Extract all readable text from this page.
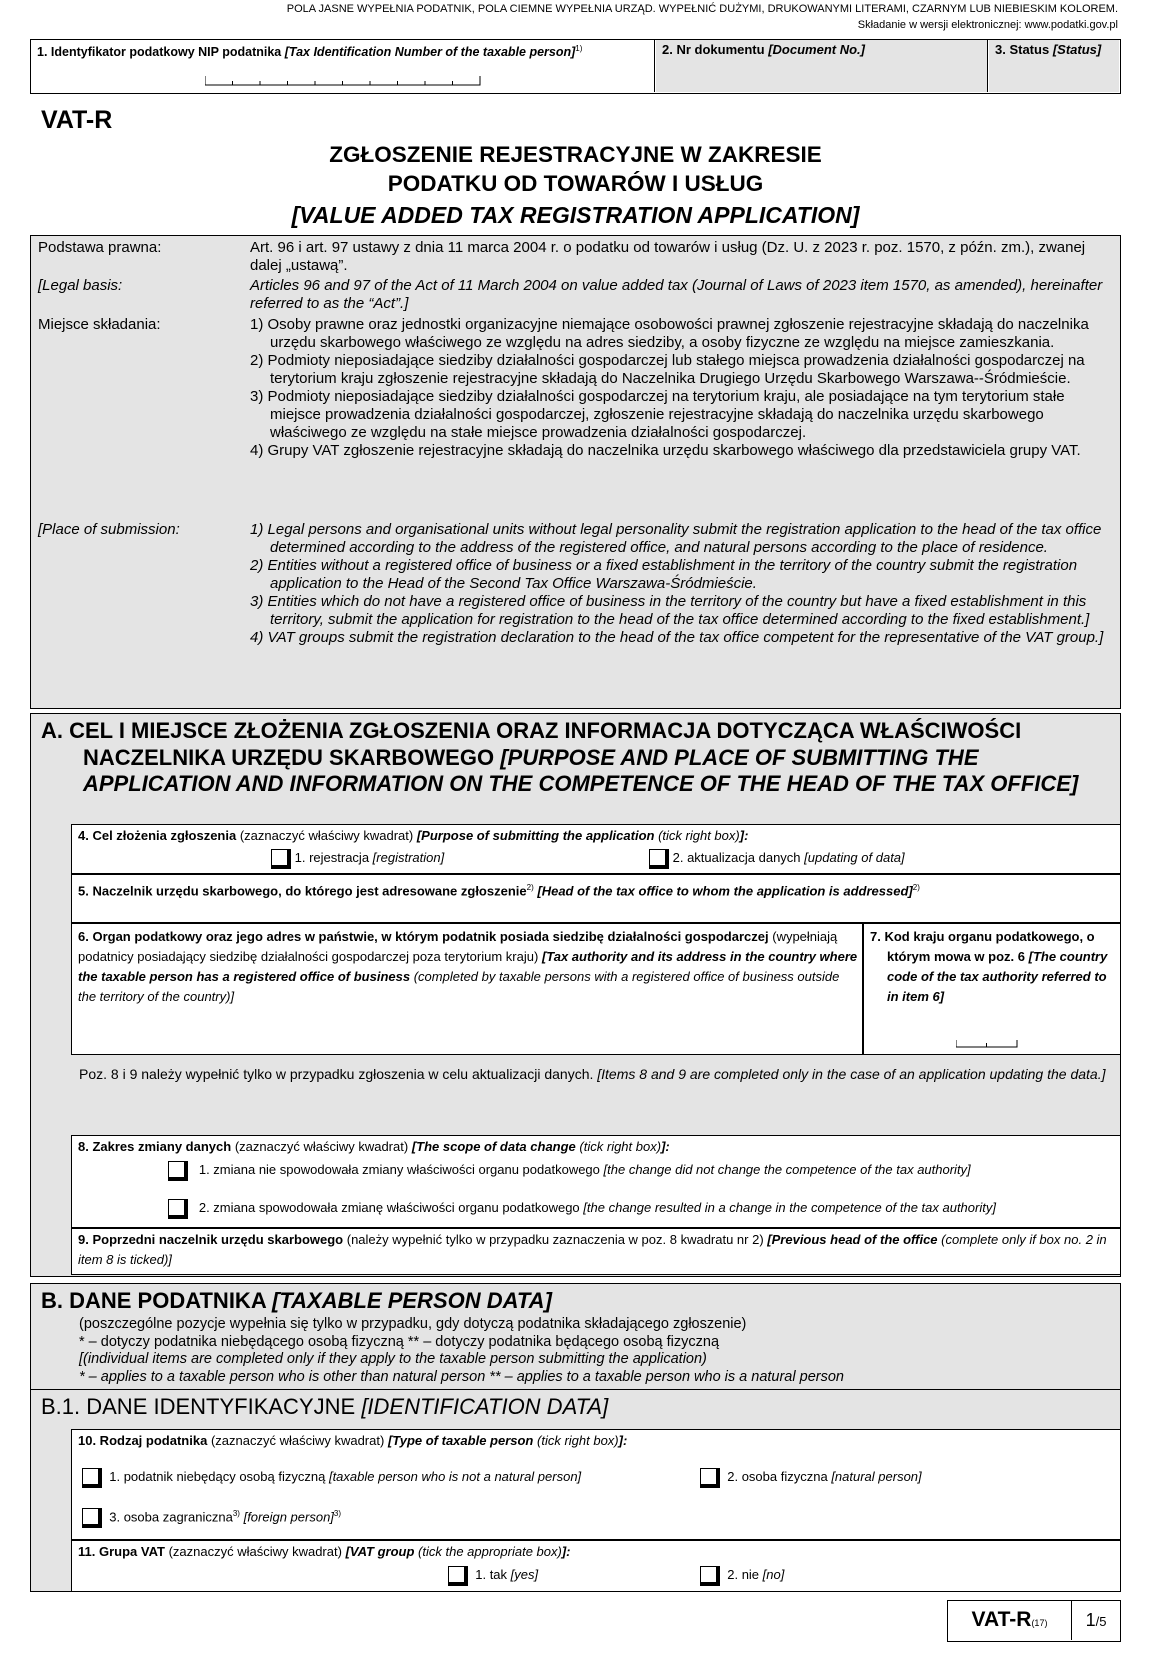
POLA JASNE WYPEŁNIA PODATNIK, POLA CIEMNE WYPEŁNIA URZĄD. WYPEŁNIĆ DUŻYMI, DRUKOWANYMI LITERAMI, CZARNYM LUB NIEBIESKIM KOLOREM.
Składanie w wersji elektronicznej: www.podatki.gov.pl
1. Identyfikator podatkowy NIP podatnika [Tax Identification Number of the taxable person]$^{1)}$	2. Nr dokumentu [Document No.]	3. Status [Status]
VAT-R
ZGŁOSZENIE REJESTRACYJNE W ZAKRESIE
PODATKU OD TOWARÓW I USŁUG
[VALUE ADDED TAX REGISTRATION APPLICATION]
Podstawa prawna:	Art. 96 i art. 97 ustawy z dnia 11 marca 2004 r. o podatku od towarów i usług (Dz. U. z 2023 r. poz. 1570, z późn. zm.), zwanej dalej „ustawą”.
[Legal basis:	Articles 96 and 97 of the Act of 11 March 2004 on value added tax (Journal of Laws of 2023 item 1570, as amended), hereinafter referred to as the “Act”.]
Miejsce składania:	1) Osoby prawne oraz jednostki organizacyjne niemające osobowości prawnej zgłoszenie rejestracyjne składają do naczelnika urzędu skarbowego właściwego ze względu na adres siedziby, a osoby fizyczne ze względu na miejsce zamieszkania.
2) Podmioty nieposiadające siedziby działalności gospodarczej lub stałego miejsca prowadzenia działalności gospodarczej na terytorium kraju zgłoszenie rejestracyjne składają do Naczelnika Drugiego Urzędu Skarbowego Warszawa-‑Śródmieście.
3) Podmioty nieposiadające siedziby działalności gospodarczej na terytorium kraju, ale posiadające na tym terytorium stałe miejsce prowadzenia działalności gospodarczej, zgłoszenie rejestracyjne składają do naczelnika urzędu skarbowego właściwego ze względu na stałe miejsce prowadzenia działalności gospodarczej.
4) Grupy VAT zgłoszenie rejestracyjne składają do naczelnika urzędu skarbowego właściwego dla przedstawiciela grupy VAT.
[Place of submission:	1) Legal persons and organisational units without legal personality submit the registration application to the head of the tax office determined according to the address of the registered office, and natural persons according to the place of residence.
2) Entities without a registered office of business or a fixed establishment in the territory of the country submit the registration application to the Head of the Second Tax Office Warszawa-Śródmieście.
3) Entities which do not have a registered office of business in the territory of the country but have a fixed establishment in this territory, submit the application for registration to the head of the tax office determined according to the fixed establishment.]
4) VAT groups submit the registration declaration to the head of the tax office competent for the representative of the VAT group.]
A. CEL I MIEJSCE ZŁOŻENIA ZGŁOSZENIA ORAZ INFORMACJA DOTYCZĄCA WŁAŚCIWOŚCI NACZELNIKA URZĘDU SKARBOWEGO [PURPOSE AND PLACE OF SUBMITTING THE APPLICATION AND INFORMATION ON THE COMPETENCE OF THE HEAD OF THE TAX OFFICE]
4. Cel złożenia zgłoszenia (zaznaczyć właściwy kwadrat) [Purpose of submitting the application (tick right box)]:
1. rejestracja [registration]	2. aktualizacja danych [updating of data]
5. Naczelnik urzędu skarbowego, do którego jest adresowane zgłoszenie$^{2)}$ [Head of the tax office to whom the application is addressed]$^{2)}$
6. Organ podatkowy oraz jego adres w państwie, w którym podatnik posiada siedzibę działalności gospodarczej (wypełniają podatnicy posiadający siedzibę działalności gospodarczej poza terytorium kraju) [Tax authority and its address in the country where the taxable person has a registered office of business (completed by taxable persons with a registered office of business outside the territory of the country)]
7. Kod kraju organu podatkowego, o którym mowa w poz. 6 [The country code of the tax authority referred to in item 6]
Poz. 8 i 9 należy wypełnić tylko w przypadku zgłoszenia w celu aktualizacji danych. [Items 8 and 9 are completed only in the case of an application updating the data.]
8. Zakres zmiany danych (zaznaczyć właściwy kwadrat) [The scope of data change (tick right box)]:
1. zmiana nie spowodowała zmiany właściwości organu podatkowego [the change did not change the competence of the tax authority]
2. zmiana spowodowała zmianę właściwości organu podatkowego [the change resulted in a change in the competence of the tax authority]
9. Poprzedni naczelnik urzędu skarbowego (należy wypełnić tylko w przypadku zaznaczenia w poz. 8 kwadratu nr 2) [Previous head of the office (complete only if box no. 2 in item 8 is ticked)]
B. DANE PODATNIKA [TAXABLE PERSON DATA]
(poszczególne pozycje wypełnia się tylko w przypadku, gdy dotyczą podatnika składającego zgłoszenie)
* – dotyczy podatnika niebędącego osobą fizyczną ** – dotyczy podatnika będącego osobą fizyczną
[(individual items are completed only if they apply to the taxable person submitting the application)
* – applies to a taxable person who is other than natural person ** – applies to a taxable person who is a natural person
B.1. DANE IDENTYFIKACYJNE [IDENTIFICATION DATA]
10. Rodzaj podatnika (zaznaczyć właściwy kwadrat) [Type of taxable person (tick right box)]:
1. podatnik niebędący osobą fizyczną [taxable person who is not a natural person]	2. osoba fizyczna [natural person]
3. osoba zagraniczna$^{3)}$ [foreign person]$^{3)}$
11. Grupa VAT (zaznaczyć właściwy kwadrat) [VAT group (tick the appropriate box)]:
1. tak [yes]	2. nie [no]
VAT-R(17)	1/5
